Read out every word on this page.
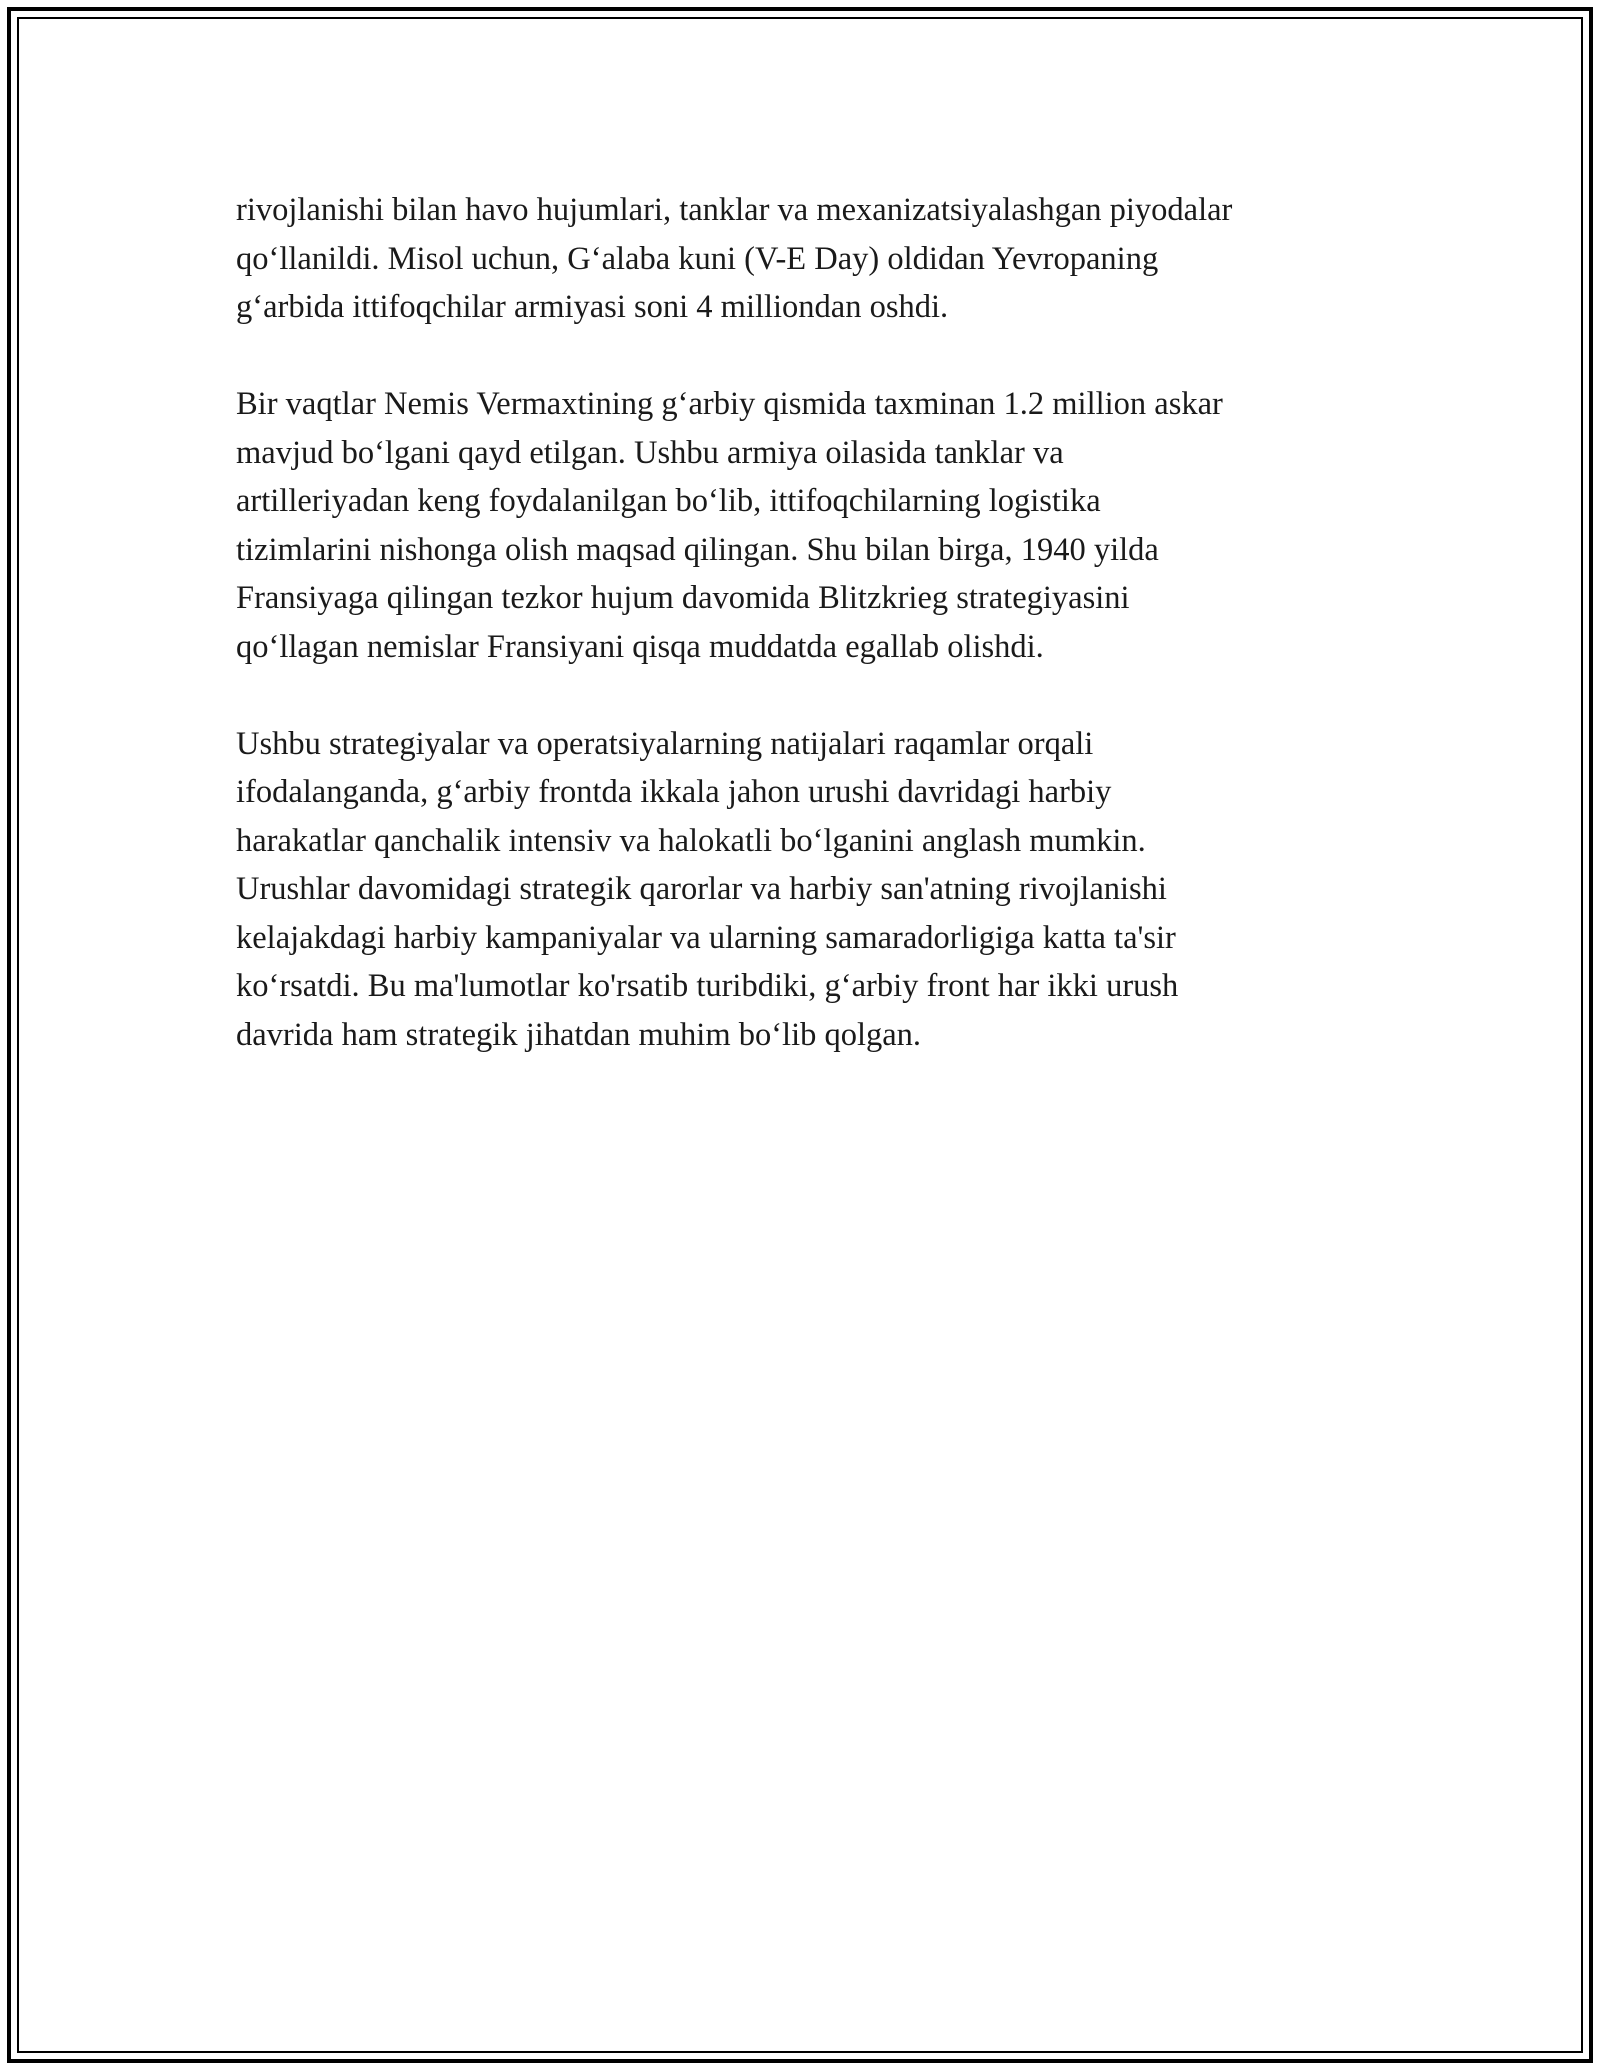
rivojlanishi bilan havo hujumlari, tanklar va mexanizatsiyalashgan piyodalar
qo‘llanildi. Misol uchun, G‘alaba kuni (V-E Day) oldidan Yevropaning
g‘arbida ittifoqchilar armiyasi soni 4 milliondan oshdi.

Bir vaqtlar Nemis Vermaxtining g‘arbiy qismida taxminan 1.2 million askar
mavjud bo‘lgani qayd etilgan. Ushbu armiya oilasida tanklar va
artilleriyadan keng foydalanilgan bo‘lib, ittifoqchilarning logistika
tizimlarini nishonga olish maqsad qilingan. Shu bilan birga, 1940 yilda
Fransiyaga qilingan tezkor hujum davomida Blitzkrieg strategiyasini
qo‘llagan nemislar Fransiyani qisqa muddatda egallab olishdi.

Ushbu strategiyalar va operatsiyalarning natijalari raqamlar orqali
ifodalanganda, g‘arbiy frontda ikkala jahon urushi davridagi harbiy
harakatlar qanchalik intensiv va halokatli bo‘lganini anglash mumkin.
Urushlar davomidagi strategik qarorlar va harbiy san'atning rivojlanishi
kelajakdagi harbiy kampaniyalar va ularning samaradorligiga katta ta'sir
ko‘rsatdi. Bu ma'lumotlar ko'rsatib turibdiki, g‘arbiy front har ikki urush
davrida ham strategik jihatdan muhim bo‘lib qolgan.
